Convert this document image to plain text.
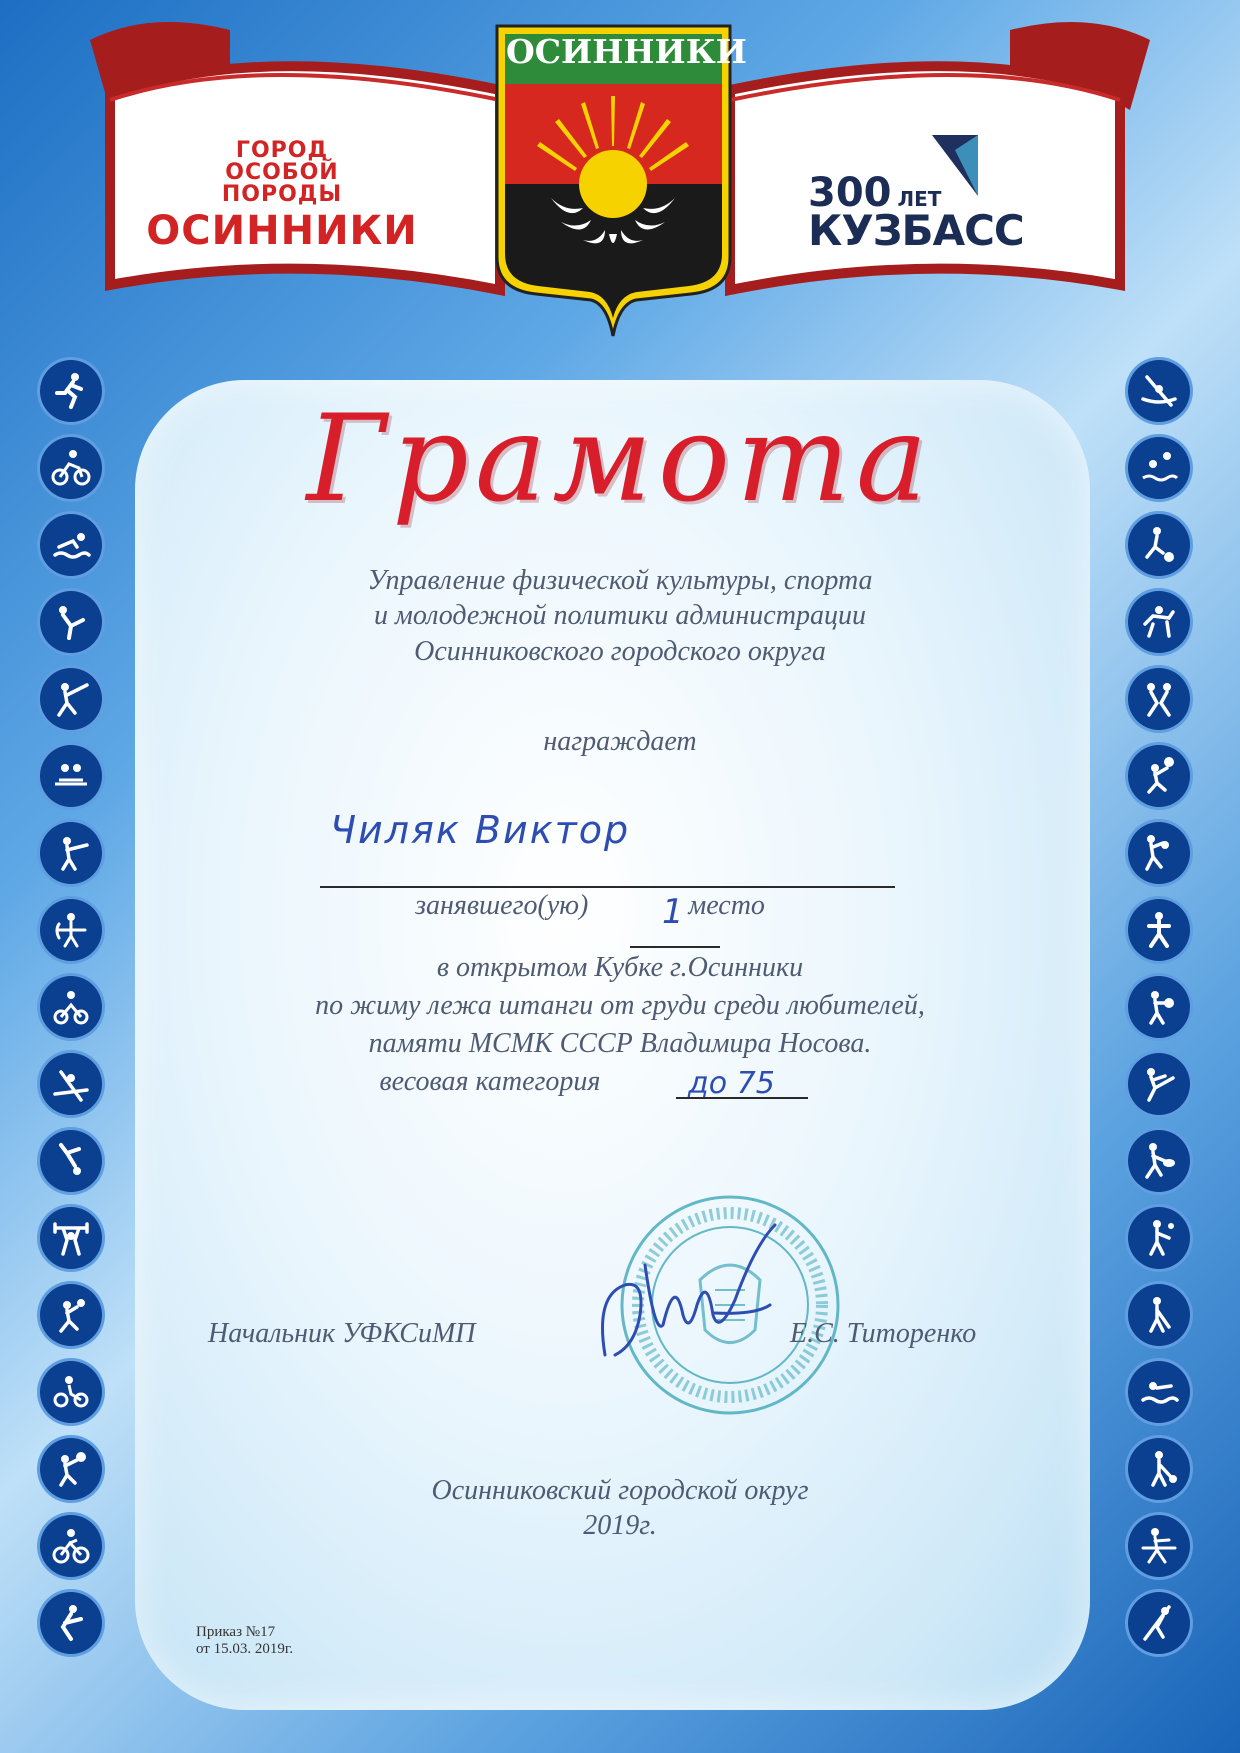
ГОРОД
ОСОБОЙ
ПОРОДЫ
ОСИННИКИ
300 ЛЕТ
КУЗБАСС
ОСИННИКИ
Грамота
Управление физической культуры, спорта
и молодежной политики администрации
Осинниковского городского округа
награждает
Чиляк Виктор
занявшего(ую)	место
1
в открытом Кубке г.Осинники
по жиму лежа штанги от груди среди любителей,
памяти МСМК СССР Владимира Носова.
весовая категория	до 75
Начальник УФКСиМП	Е.С. Титоренко
Осинниковский городской округ
2019г.
Приказ №17
от 15.03. 2019г.
